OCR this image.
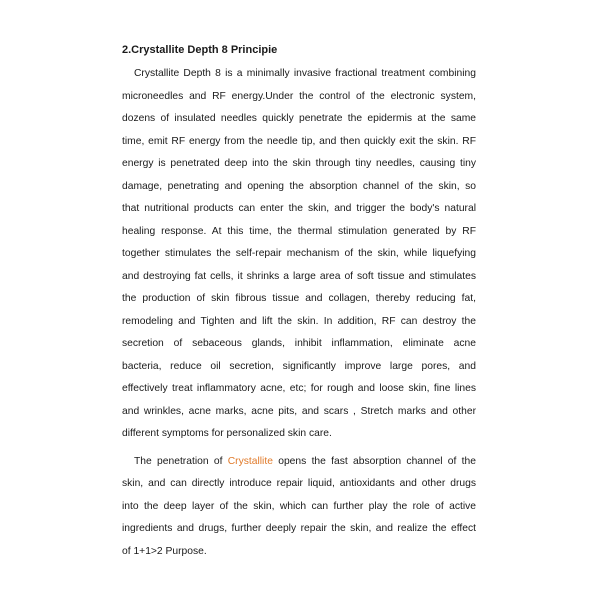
2.Crystallite Depth 8 Principie
Crystallite Depth 8 is a minimally invasive fractional treatment combining
microneedles and RF energy.Under the control of the electronic system,
dozens of insulated needles quickly penetrate the epidermis at the same
time, emit RF energy from the needle tip, and then quickly exit the skin. RF
energy is penetrated deep into the skin through tiny needles, causing tiny
damage, penetrating and opening the absorption channel of the skin, so
that nutritional products can enter the skin, and trigger the body's natural
healing response. At this time, the thermal stimulation generated by RF
together stimulates the self-repair mechanism of the skin, while liquefying
and destroying fat cells, it shrinks a large area of soft tissue and stimulates
the production of skin fibrous tissue and collagen, thereby reducing fat,
remodeling and Tighten and lift the skin. In addition, RF can destroy the
secretion of sebaceous glands, inhibit inflammation, eliminate acne
bacteria, reduce oil secretion, significantly improve large pores, and
effectively treat inflammatory acne, etc; for rough and loose skin, fine lines
and wrinkles, acne marks, acne pits, and scars , Stretch marks and other
different symptoms for personalized skin care.
The penetration of Crystallite opens the fast absorption channel of the
skin, and can directly introduce repair liquid, antioxidants and other drugs
into the deep layer of the skin, which can further play the role of active
ingredients and drugs, further deeply repair the skin, and realize the effect
of 1+1>2 Purpose.
